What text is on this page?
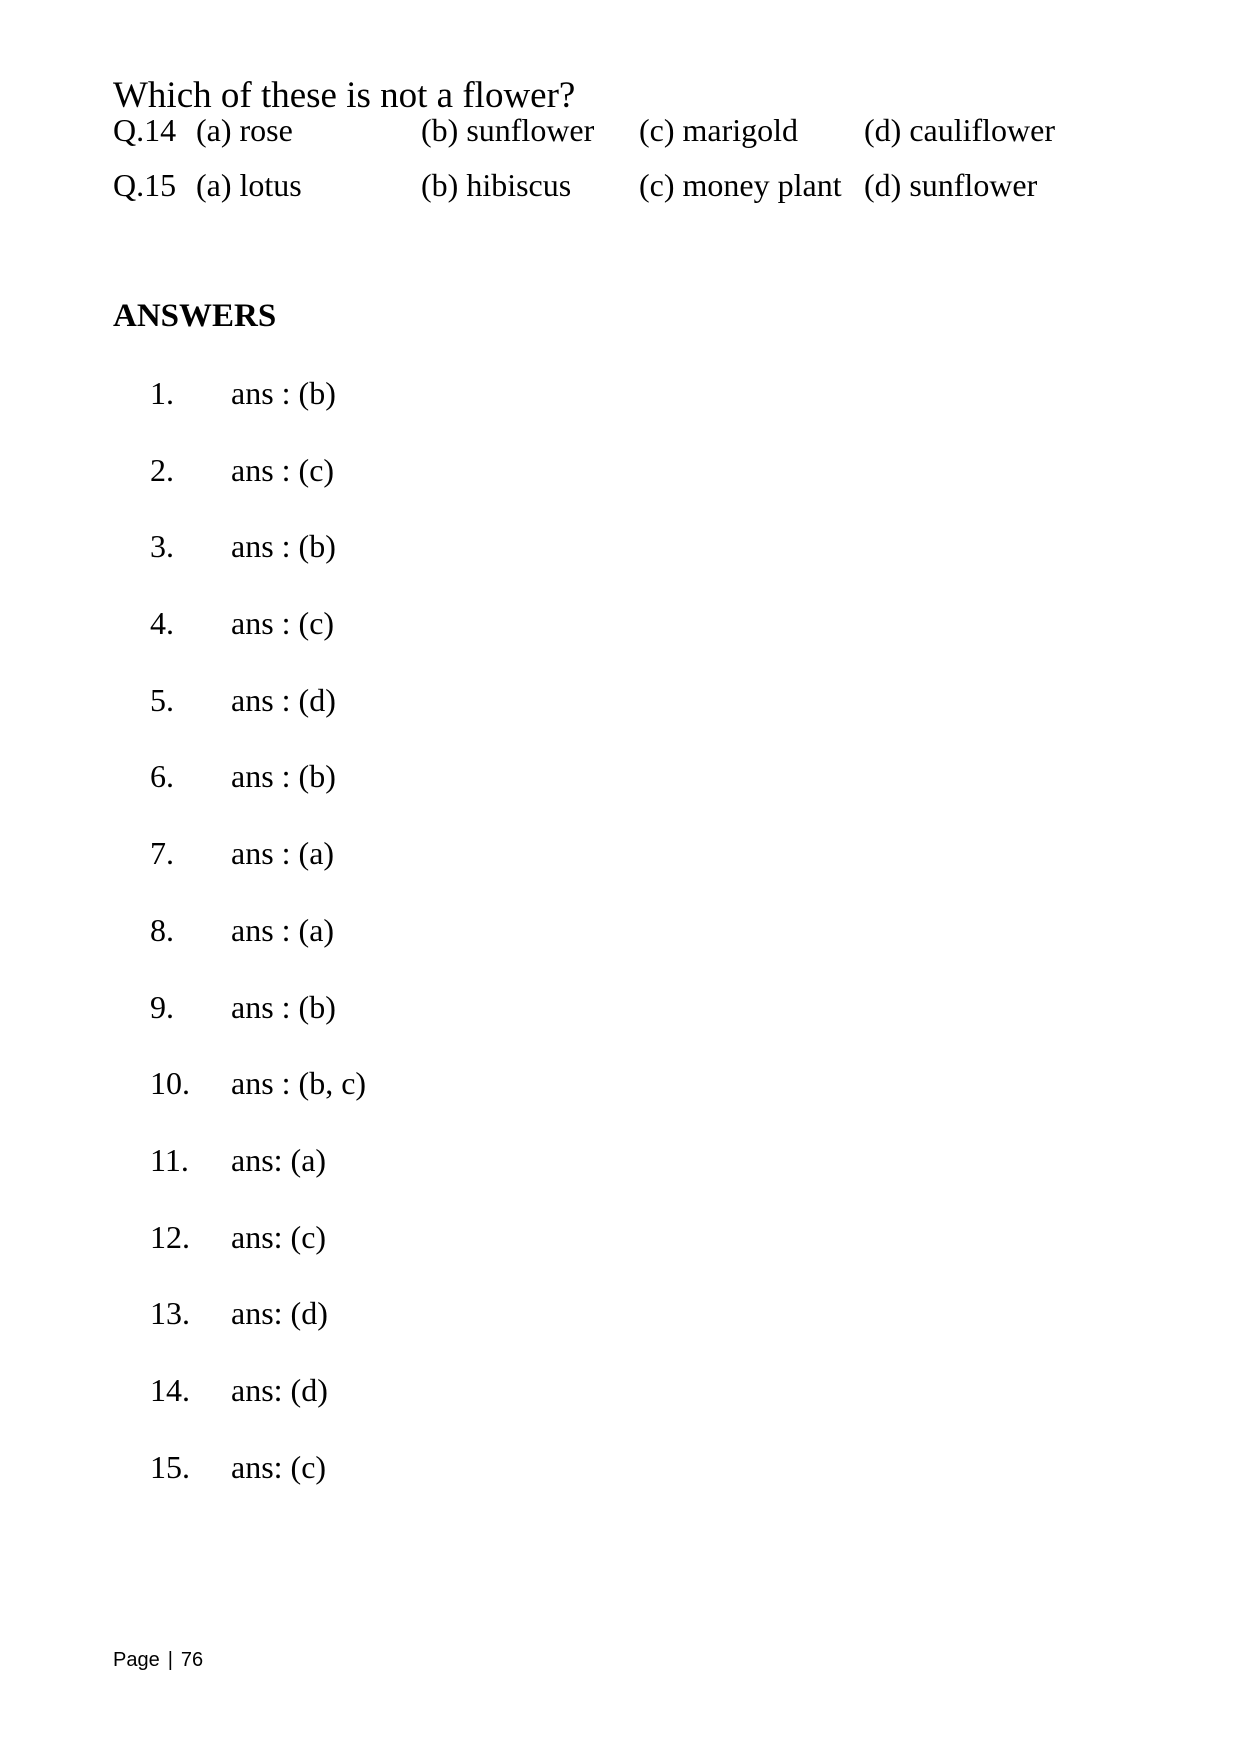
Which of these is not a flower?
Q.14 (a) rose	(b) sunflower (c) marigold (d) cauliflower
Q.15 (a) lotus	(b) hibiscus (c) money plant (d) sunflower
ANSWERS
1. ans : (b)
2. ans : (c)
3. ans : (b)
4. ans : (c)
5. ans : (d)
6. ans : (b)
7. ans : (a)
8. ans : (a)
9. ans : (b)
10. ans : (b, c)
11. ans: (a)
12. ans: (c)
13. ans: (d)
14. ans: (d)
15. ans: (c)
Page | 76
